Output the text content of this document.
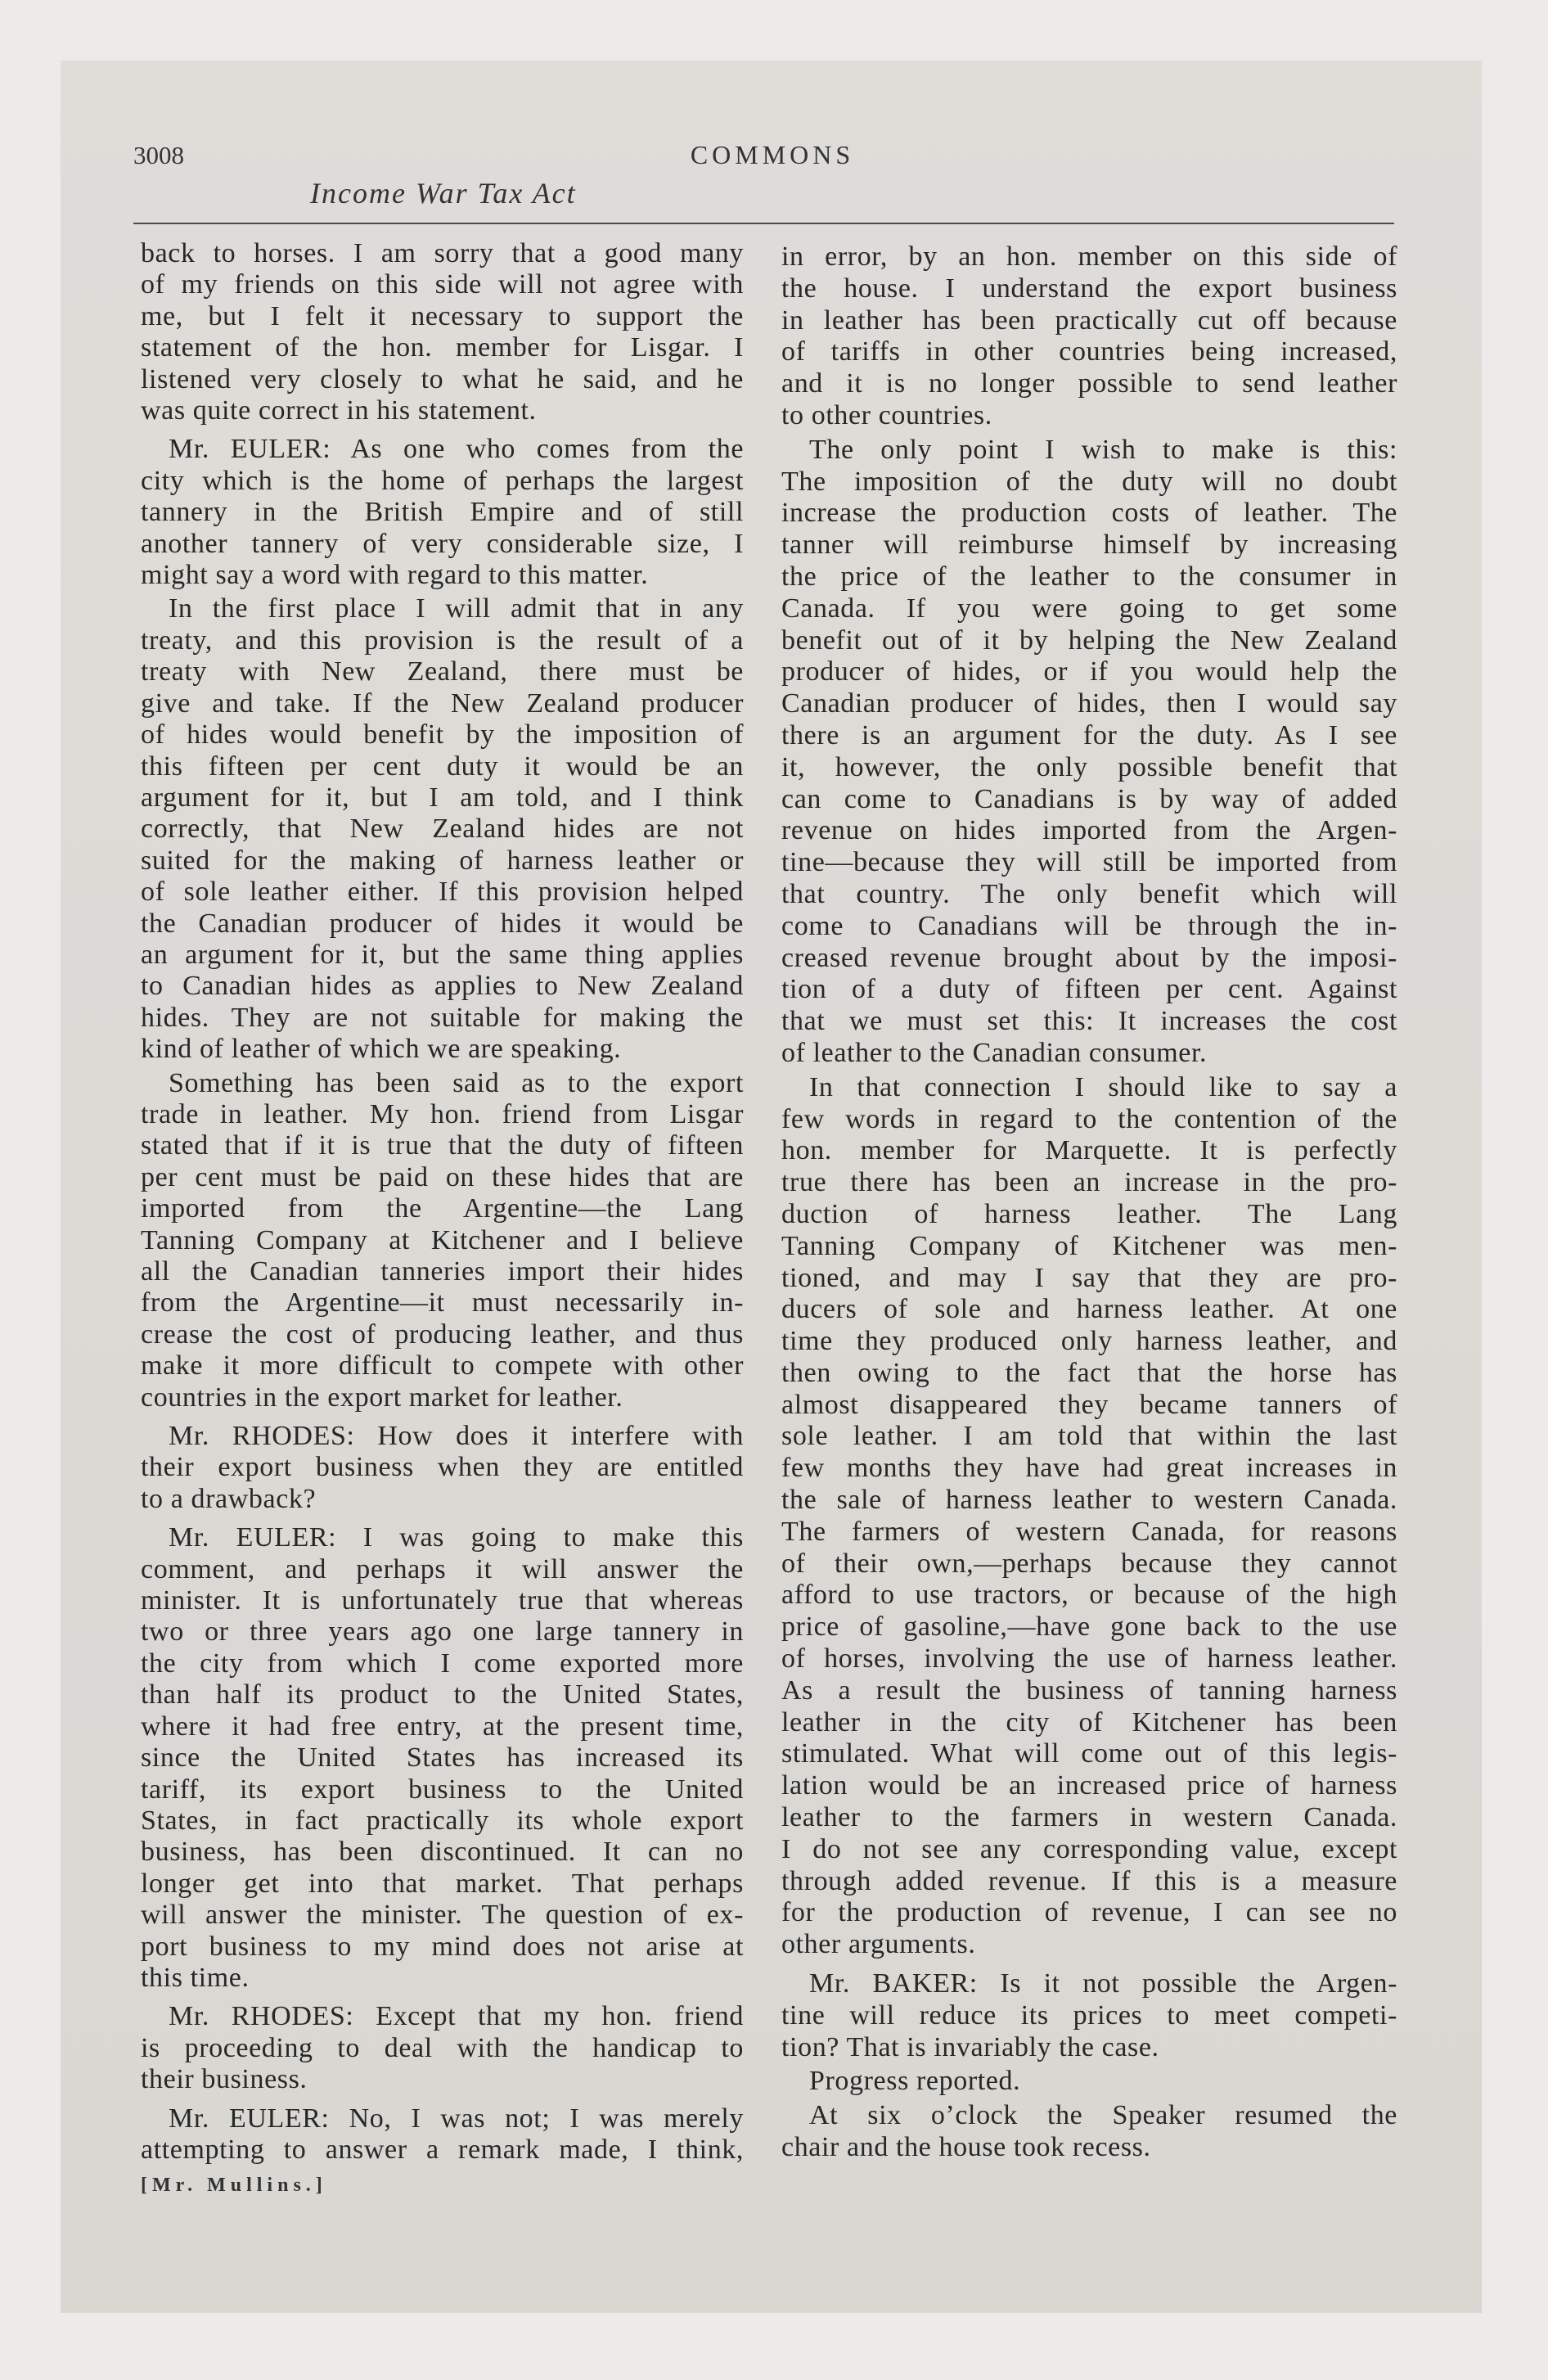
3008	COMMONS
Income War Tax Act
back to horses. I am sorry that a good many
of my friends on this side will not agree with
me, but I felt it necessary to support the
statement of the hon. member for Lisgar. I
listened very closely to what he said, and he
was quite correct in his statement.
Mr. EULER: As one who comes from the
city which is the home of perhaps the largest
tannery in the British Empire and of still
another tannery of very considerable size, I
might say a word with regard to this matter.
In the first place I will admit that in any
treaty, and this provision is the result of a
treaty with New Zealand, there must be
give and take. If the New Zealand producer
of hides would benefit by the imposition of
this fifteen per cent duty it would be an
argument for it, but I am told, and I think
correctly, that New Zealand hides are not
suited for the making of harness leather or
of sole leather either. If this provision helped
the Canadian producer of hides it would be
an argument for it, but the same thing applies
to Canadian hides as applies to New Zealand
hides. They are not suitable for making the
kind of leather of which we are speaking.
Something has been said as to the export
trade in leather. My hon. friend from Lisgar
stated that if it is true that the duty of fifteen
per cent must be paid on these hides that are
imported from the Argentine—the Lang
Tanning Company at Kitchener and I believe
all the Canadian tanneries import their hides
from the Argentine—it must necessarily in-
crease the cost of producing leather, and thus
make it more difficult to compete with other
countries in the export market for leather.
Mr. RHODES: How does it interfere with
their export business when they are entitled
to a drawback?
Mr. EULER: I was going to make this
comment, and perhaps it will answer the
minister. It is unfortunately true that whereas
two or three years ago one large tannery in
the city from which I come exported more
than half its product to the United States,
where it had free entry, at the present time,
since the United States has increased its
tariff, its export business to the United
States, in fact practically its whole export
business, has been discontinued. It can no
longer get into that market. That perhaps
will answer the minister. The question of ex-
port business to my mind does not arise at
this time.
Mr. RHODES: Except that my hon. friend
is proceeding to deal with the handicap to
their business.
Mr. EULER: No, I was not; I was merely
attempting to answer a remark made, I think,
in error, by an hon. member on this side of
the house. I understand the export business
in leather has been practically cut off because
of tariffs in other countries being increased,
and it is no longer possible to send leather
to other countries.
The only point I wish to make is this:
The imposition of the duty will no doubt
increase the production costs of leather. The
tanner will reimburse himself by increasing
the price of the leather to the consumer in
Canada. If you were going to get some
benefit out of it by helping the New Zealand
producer of hides, or if you would help the
Canadian producer of hides, then I would say
there is an argument for the duty. As I see
it, however, the only possible benefit that
can come to Canadians is by way of added
revenue on hides imported from the Argen-
tine—because they will still be imported from
that country. The only benefit which will
come to Canadians will be through the in-
creased revenue brought about by the imposi-
tion of a duty of fifteen per cent. Against
that we must set this: It increases the cost
of leather to the Canadian consumer.
In that connection I should like to say a
few words in regard to the contention of the
hon. member for Marquette. It is perfectly
true there has been an increase in the pro-
duction of harness leather. The Lang
Tanning Company of Kitchener was men-
tioned, and may I say that they are pro-
ducers of sole and harness leather. At one
time they produced only harness leather, and
then owing to the fact that the horse has
almost disappeared they became tanners of
sole leather. I am told that within the last
few months they have had great increases in
the sale of harness leather to western Canada.
The farmers of western Canada, for reasons
of their own,—perhaps because they cannot
afford to use tractors, or because of the high
price of gasoline,—have gone back to the use
of horses, involving the use of harness leather.
As a result the business of tanning harness
leather in the city of Kitchener has been
stimulated. What will come out of this legis-
lation would be an increased price of harness
leather to the farmers in western Canada.
I do not see any corresponding value, except
through added revenue. If this is a measure
for the production of revenue, I can see no
other arguments.
Mr. BAKER: Is it not possible the Argen-
tine will reduce its prices to meet competi-
tion? That is invariably the case.
Progress reported.
At six o’clock the Speaker resumed the
chair and the house took recess.
[Mr. Mullins.]
